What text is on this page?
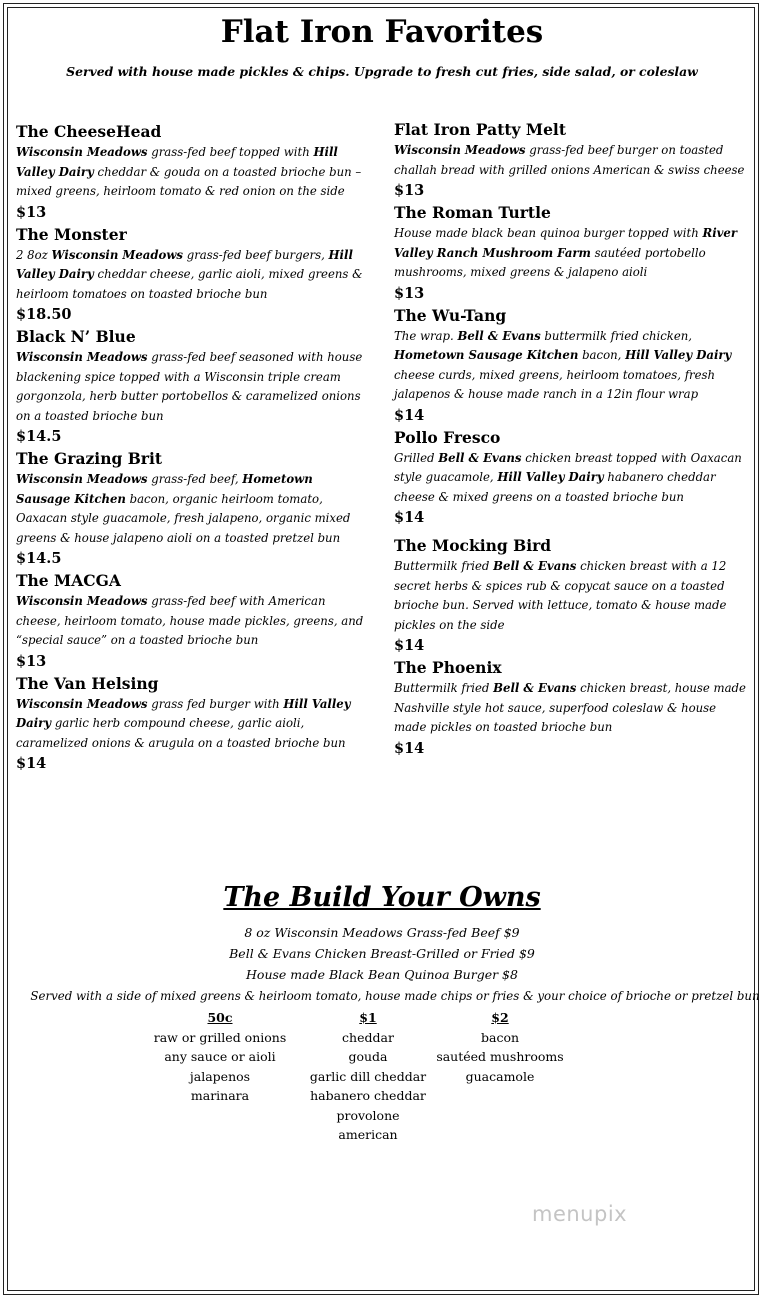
Flat Iron Favorites
Served with house made pickles & chips. Upgrade to fresh cut fries, side salad, or coleslaw
The CheeseHead
Wisconsin Meadows grass-fed beef topped with Hill Valley Dairy cheddar & gouda on a toasted brioche bun – mixed greens, heirloom tomato & red onion on the side
$13
The Monster
2 8oz Wisconsin Meadows grass-fed beef burgers, Hill Valley Dairy cheddar cheese, garlic aioli, mixed greens & heirloom tomatoes on toasted brioche bun
$18.50
Black N’ Blue
Wisconsin Meadows grass-fed beef seasoned with house blackening spice topped with a Wisconsin triple cream gorgonzola, herb butter portobellos & caramelized onions on a toasted brioche bun
$14.5
The Grazing Brit
Wisconsin Meadows grass-fed beef, Hometown Sausage Kitchen bacon, organic heirloom tomato, Oaxacan style guacamole, fresh jalapeno, organic mixed greens & house jalapeno aioli on a toasted pretzel bun
$14.5
The MACGA
Wisconsin Meadows grass-fed beef with American cheese, heirloom tomato, house made pickles, greens, and “special sauce” on a toasted brioche bun
$13
The Van Helsing
Wisconsin Meadows grass fed burger with Hill Valley Dairy garlic herb compound cheese, garlic aioli, caramelized onions & arugula on a toasted brioche bun
$14
Flat Iron Patty Melt
Wisconsin Meadows grass-fed beef burger on toasted challah bread with grilled onions American & swiss cheese
$13
The Roman Turtle
House made black bean quinoa burger topped with River Valley Ranch Mushroom Farm sautéed portobello mushrooms, mixed greens & jalapeno aioli
$13
The Wu-Tang
The wrap. Bell & Evans buttermilk fried chicken, Hometown Sausage Kitchen bacon, Hill Valley Dairy cheese curds, mixed greens, heirloom tomatoes, fresh jalapenos & house made ranch in a 12in flour wrap
$14
Pollo Fresco
Grilled Bell & Evans chicken breast topped with Oaxacan style guacamole, Hill Valley Dairy habanero cheddar cheese & mixed greens on a toasted brioche bun
$14
The Mocking Bird
Buttermilk fried Bell & Evans chicken breast with a 12 secret herbs & spices rub & copycat sauce on a toasted brioche bun. Served with lettuce, tomato & house made pickles on the side
$14
The Phoenix
Buttermilk fried Bell & Evans chicken breast, house made Nashville style hot sauce, superfood coleslaw & house made pickles on toasted brioche bun
$14
The Build Your Owns
8 oz Wisconsin Meadows Grass-fed Beef $9
Bell & Evans Chicken Breast-Grilled or Fried $9
House made Black Bean Quinoa Burger $8
Served with a side of mixed greens & heirloom tomato, house made chips or fries & your choice of brioche or pretzel bun
50c
raw or grilled onions
any sauce or aioli
jalapenos
marinara
$1
cheddar
gouda
garlic dill cheddar
habanero cheddar
provolone
american
$2
bacon
sautéed mushrooms
guacamole
menupix
